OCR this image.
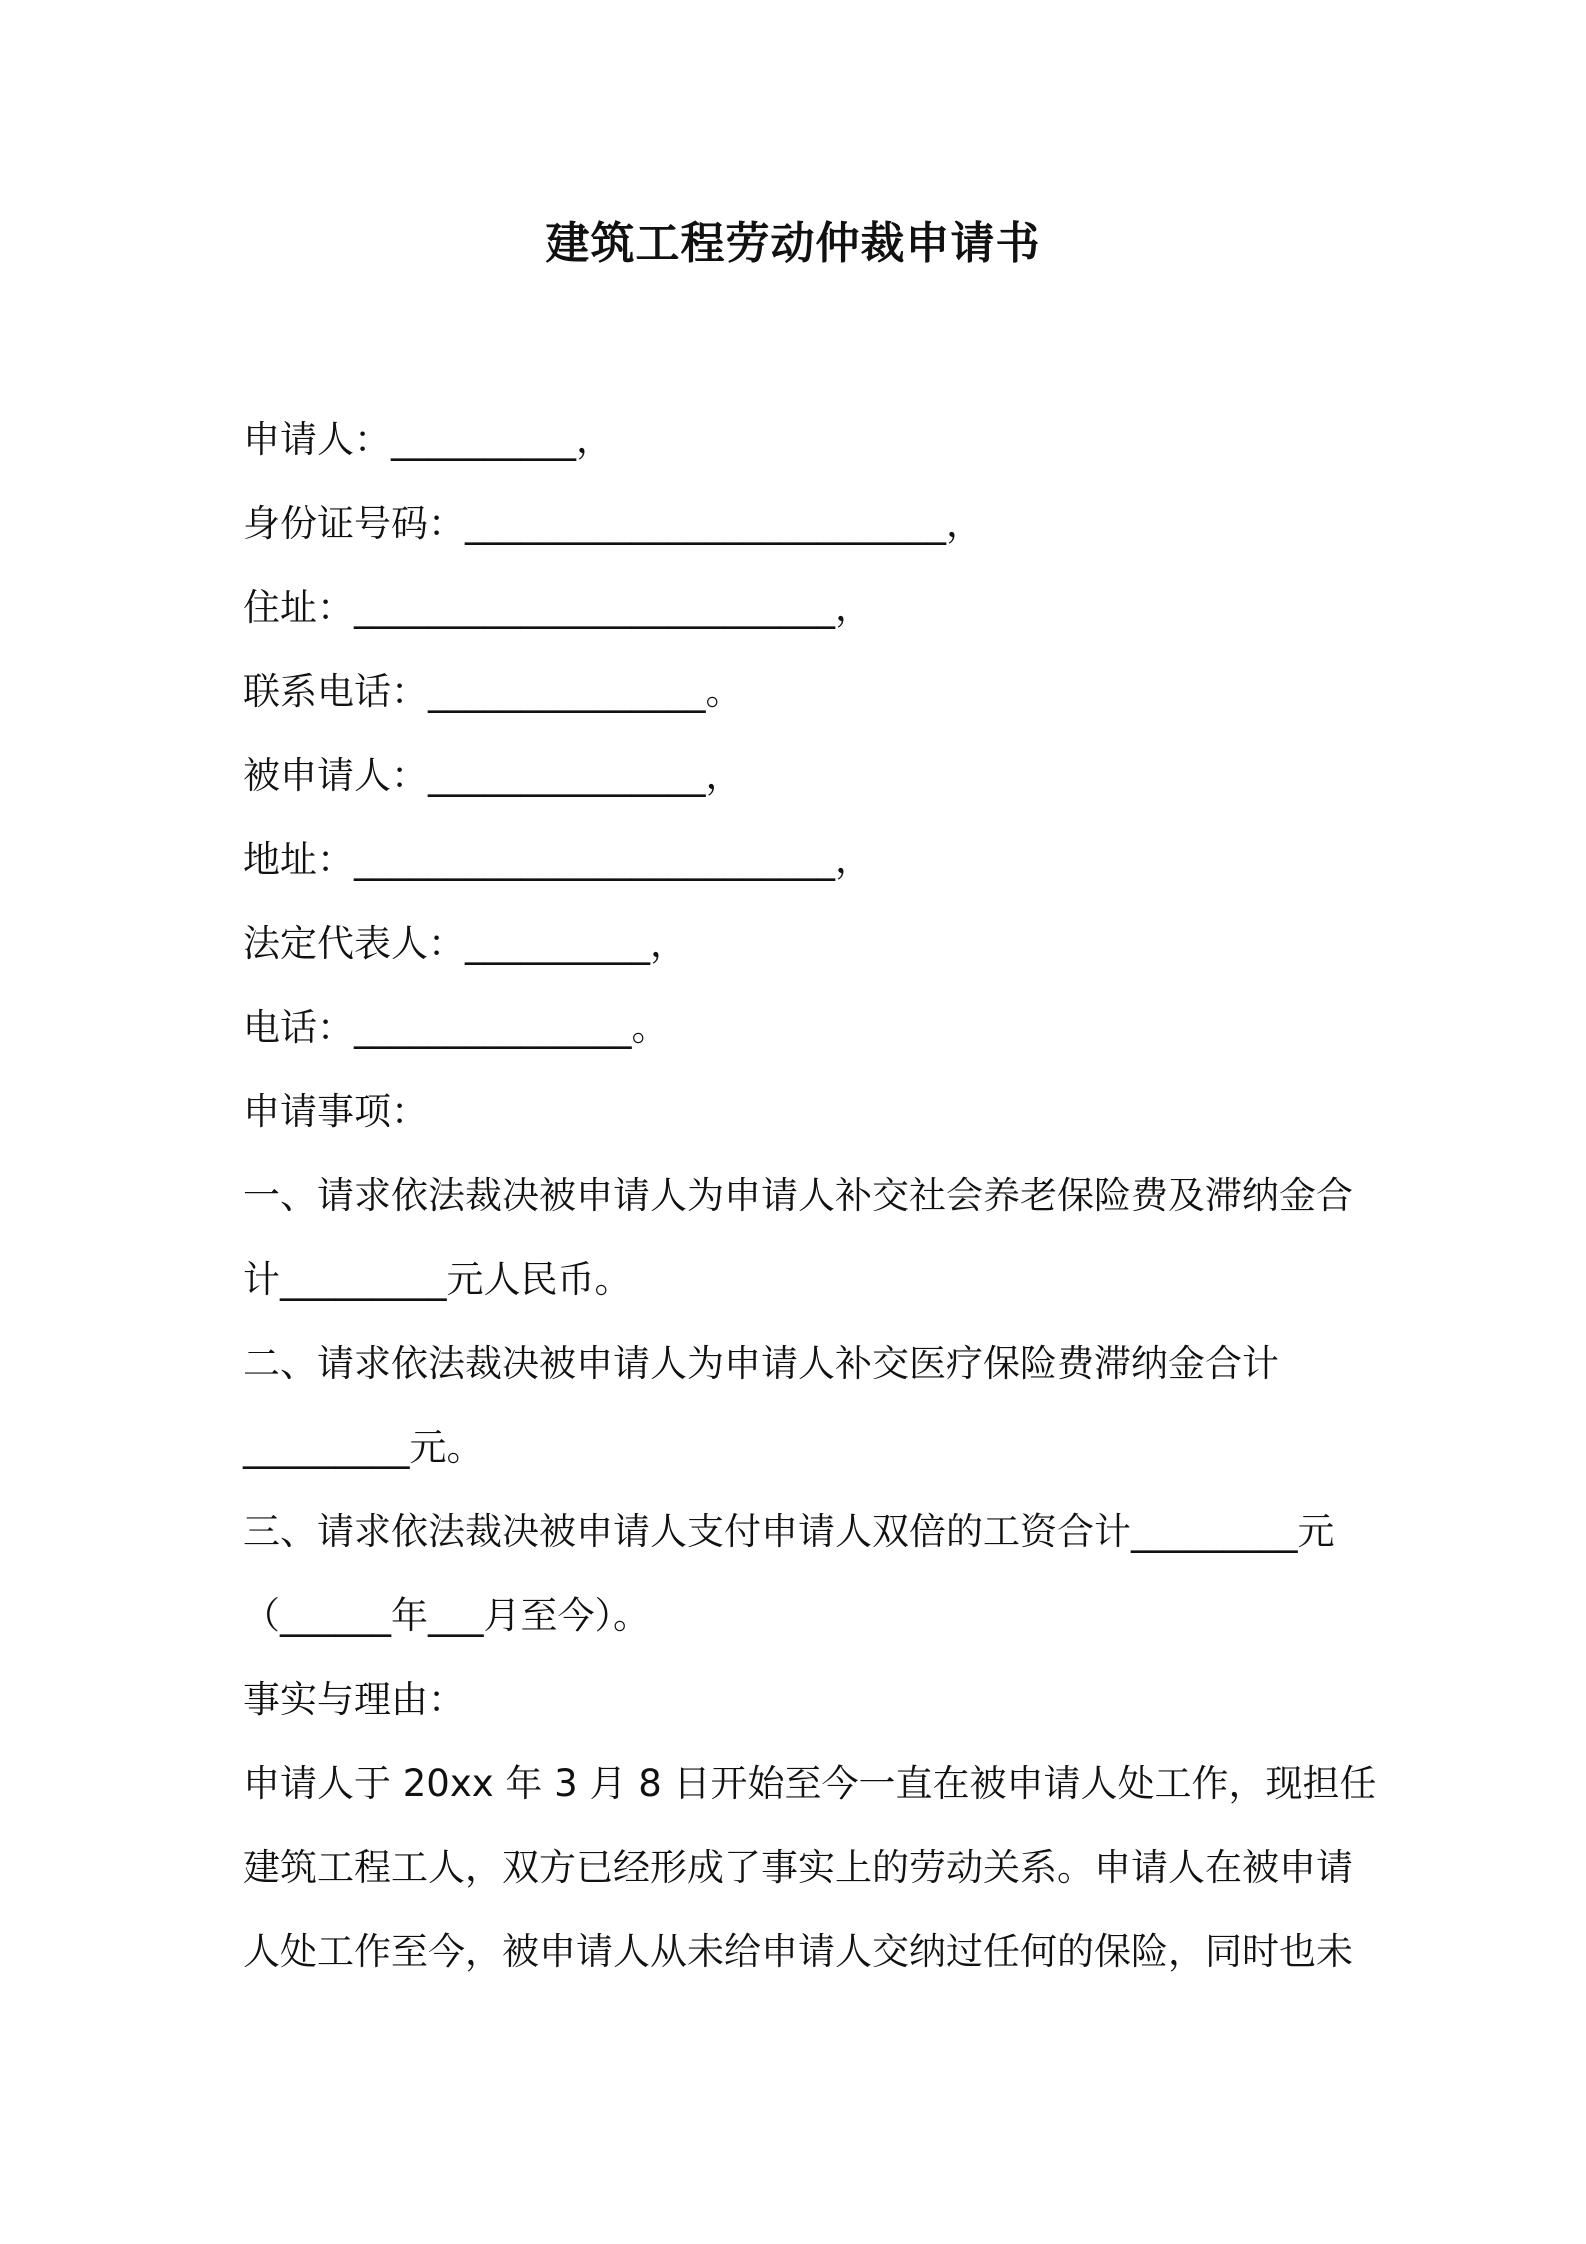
建筑工程劳动仲裁申请书
申请人：__________，
身份证号码：__________________________，
住址：__________________________，
联系电话：_______________。
被申请人：_______________，
地址：__________________________，
法定代表人：__________，
电话：_______________。
申请事项：
一、请求依法裁决被申请人为申请人补交社会养老保险费及滞纳金合
计_________元人民币。
二、请求依法裁决被申请人为申请人补交医疗保险费滞纳金合计
_________元。
三、请求依法裁决被申请人支付申请人双倍的工资合计_________元
（______年___月至今）。
事实与理由：
申请人于 20xx 年 3 月 8 日开始至今一直在被申请人处工作，现担任
建筑工程工人，双方已经形成了事实上的劳动关系。申请人在被申请
人处工作至今，被申请人从未给申请人交纳过任何的保险，同时也未
